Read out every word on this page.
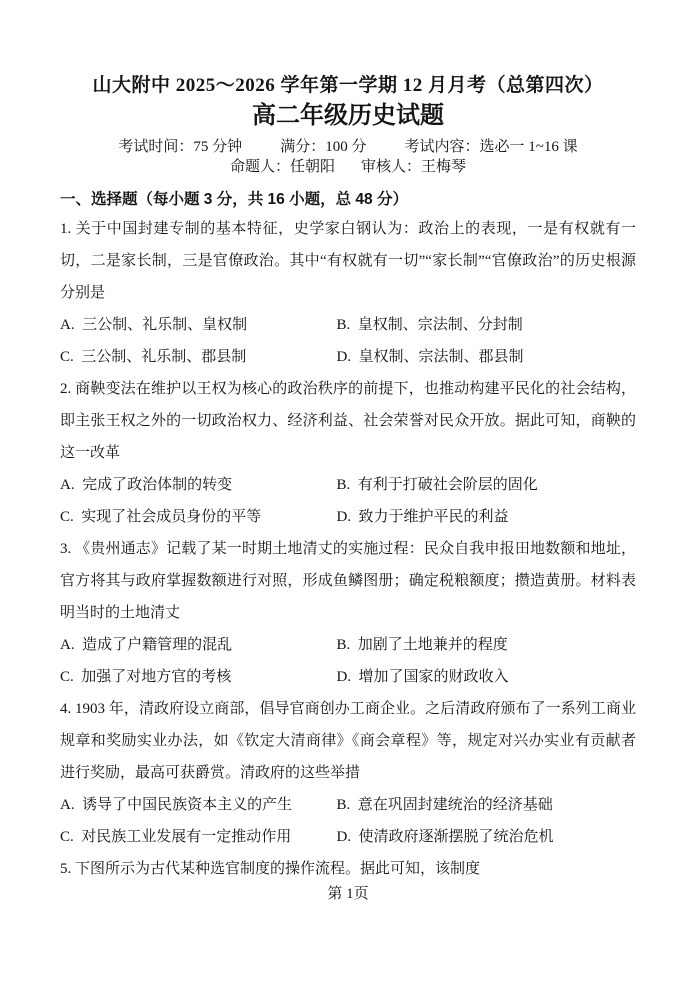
山大附中 2025～2026 学年第一学期 12 月月考（总第四次）
高二年级历史试题
考试时间：75 分钟	满分：100 分	考试内容：选必一 1~16 课
命题人：任朝阳 审核人：王梅琴
一、选择题（每小题 3 分，共 16 小题，总 48 分）

1. 关于中国封建专制的基本特征，史学家白钢认为：政治上的表现，一是有权就有一切，二是家长制，三是官僚政治。其中“有权就有一切”“家长制”“官僚政治”的历史根源分别是

A.  三公制、礼乐制、皇权制	B.  皇权制、宗法制、分封制
C.  三公制、礼乐制、郡县制	D.  皇权制、宗法制、郡县制

2. 商鞅变法在维护以王权为核心的政治秩序的前提下，也推动构建平民化的社会结构，即主张王权之外的一切政治权力、经济利益、社会荣誉对民众开放。据此可知，商鞅的这一改革

A.  完成了政治体制的转变	B.  有利于打破社会阶层的固化
C.  实现了社会成员身份的平等	D.  致力于维护平民的利益

3. 《贵州通志》记载了某一时期土地清丈的实施过程：民众自我申报田地数额和地址，官方将其与政府掌握数额进行对照，形成鱼鳞图册；确定税粮额度；攒造黄册。材料表明当时的土地清丈

A.  造成了户籍管理的混乱	B.  加剧了土地兼并的程度
C.  加强了对地方官的考核	D.  增加了国家的财政收入

4. 1903 年，清政府设立商部，倡导官商创办工商企业。之后清政府颁布了一系列工商业规章和奖励实业办法，如《钦定大清商律》《商会章程》等，规定对兴办实业有贡献者进行奖励，最高可获爵赏。清政府的这些举措

A.  诱导了中国民族资本主义的产生	B.  意在巩固封建统治的经济基础
C.  对民族工业发展有一定推动作用	D.  使清政府逐渐摆脱了统治危机

5. 下图所示为古代某种选官制度的操作流程。据此可知，该制度

第 1页
